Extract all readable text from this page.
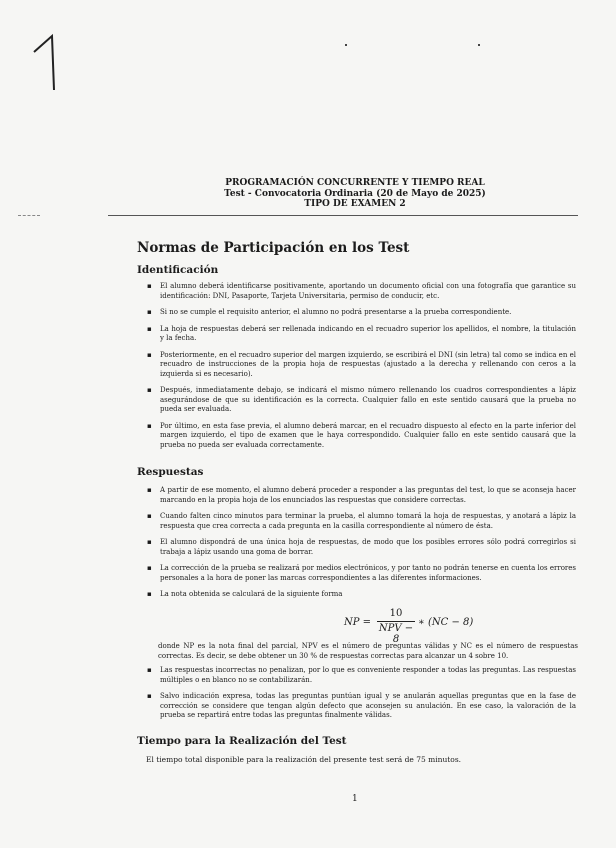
PROGRAMACIÓN CONCURRENTE Y TIEMPO REAL
Test - Convocatoria Ordinaria (20 de Mayo de 2025)
TIPO DE EXAMEN 2
Normas de Participación en los Test
Identificación
▪ El alumno deberá identificarse positivamente, aportando un documento oficial con una fotografía que garantice su identificación: DNI, Pasaporte, Tarjeta Universitaria, permiso de conducir, etc.
▪ Si no se cumple el requisito anterior, el alumno no podrá presentarse a la prueba correspondiente.
▪ La hoja de respuestas deberá ser rellenada indicando en el recuadro superior los apellidos, el nombre, la titulación y la fecha.
▪ Posteriormente, en el recuadro superior del margen izquierdo, se escribirá el DNI (sin letra) tal como se indica en el recuadro de instrucciones de la propia hoja de respuestas (ajustado a la derecha y rellenando con ceros a la izquierda si es necesario).
▪ Después, inmediatamente debajo, se indicará el mismo número rellenando los cuadros correspondientes a lápiz asegurándose de que su identificación es la correcta. Cualquier fallo en este sentido causará que la prueba no pueda ser evaluada.
▪ Por último, en esta fase previa, el alumno deberá marcar, en el recuadro dispuesto al efecto en la parte inferior del margen izquierdo, el tipo de examen que le haya correspondido. Cualquier fallo en este sentido causará que la prueba no pueda ser evaluada correctamente.
Respuestas
▪ A partir de ese momento, el alumno deberá proceder a responder a las preguntas del test, lo que se aconseja hacer marcando en la propia hoja de los enunciados las respuestas que considere correctas.
▪ Cuando falten cinco minutos para terminar la prueba, el alumno tomará la hoja de respuestas, y anotará a lápiz la respuesta que crea correcta a cada pregunta en la casilla correspondiente al número de ésta.
▪ El alumno dispondrá de una única hoja de respuestas, de modo que los posibles errores sólo podrá corregirlos si trabaja a lápiz usando una goma de borrar.
▪ La corrección de la prueba se realizará por medios electrónicos, y por tanto no podrán tenerse en cuenta los errores personales a la hora de poner las marcas correspondientes a las diferentes informaciones.
▪ La nota obtenida se calculará de la siguiente forma
NP =
10
NPV − 8
∗ (NC − 8)

donde NP es la nota final del parcial, NPV es el número de preguntas válidas y NC es el número de respuestas correctas. Es decir, se debe obtener un 30 % de respuestas correctas para alcanzar un 4 sobre 10.

▪ Las respuestas incorrectas no penalizan, por lo que es conveniente responder a todas las preguntas. Las respuestas múltiples o en blanco no se contabilizarán.
▪ Salvo indicación expresa, todas las preguntas puntúan igual y se anularán aquellas preguntas que en la fase de corrección se considere que tengan algún defecto que aconsejen su anulación. En ese caso, la valoración de la prueba se repartirá entre todas las preguntas finalmente válidas.
Tiempo para la Realización del Test

El tiempo total disponible para la realización del presente test será de 75 minutos.

1
